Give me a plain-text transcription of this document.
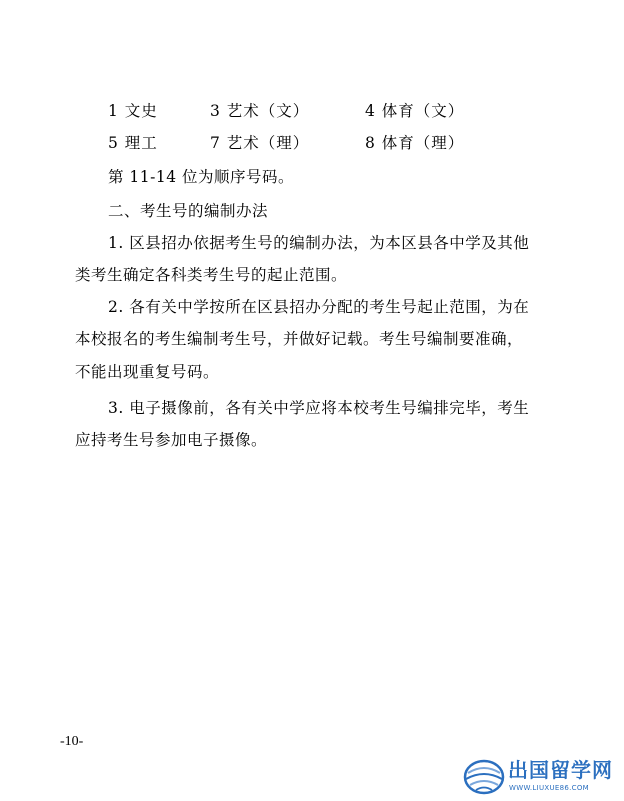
1 文史	3 艺术（文）	4 体育（文）
5 理工	7 艺术（理）	8 体育（理）
第 11-14 位为顺序号码。
二、考生号的编制办法
1. 区县招办依据考生号的编制办法，为本区县各中学及其他
类考生确定各科类考生号的起止范围。
2. 各有关中学按所在区县招办分配的考生号起止范围，为在
本校报名的考生编制考生号，并做好记载。考生号编制要准确，
不能出现重复号码。
3. 电子摄像前，各有关中学应将本校考生号编排完毕，考生
应持考生号参加电子摄像。
-10-
出国留学网
WWW.LIUXUE86.COM
